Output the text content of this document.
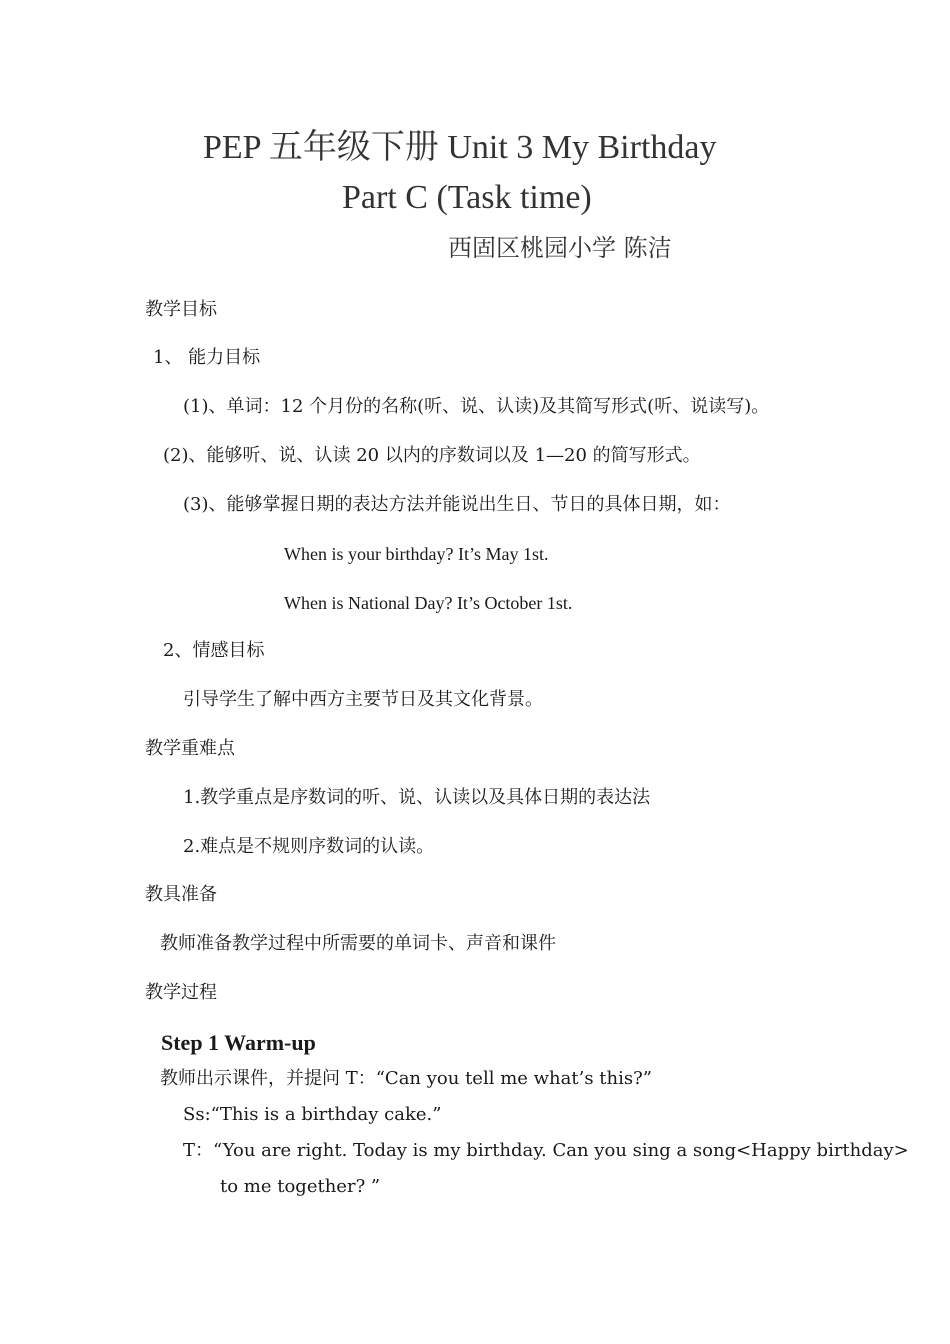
PEP 五年级下册 Unit 3 My Birthday
Part C (Task time)
西固区桃园小学 陈洁
教学目标
1、 能力目标
(1)、单词：12 个月份的名称(听、说、认读)及其简写形式(听、说读写)。
(2)、能够听、说、认读 20 以内的序数词以及 1—20 的简写形式。
(3)、能够掌握日期的表达方法并能说出生日、节日的具体日期，如：
When is your birthday? It’s May 1st.
When is National Day? It’s October 1st.
2、情感目标
引导学生了解中西方主要节日及其文化背景。
教学重难点
1.教学重点是序数词的听、说、认读以及具体日期的表达法
2.难点是不规则序数词的认读。
教具准备
教师准备教学过程中所需要的单词卡、声音和课件
教学过程
Step 1 Warm-up
教师出示课件，并提问 T：“Can you tell me what’s this?”
Ss:“This is a birthday cake.”
T：“You are right. Today is my birthday. Can you sing a song<Happy birthday>
to me together? ”
